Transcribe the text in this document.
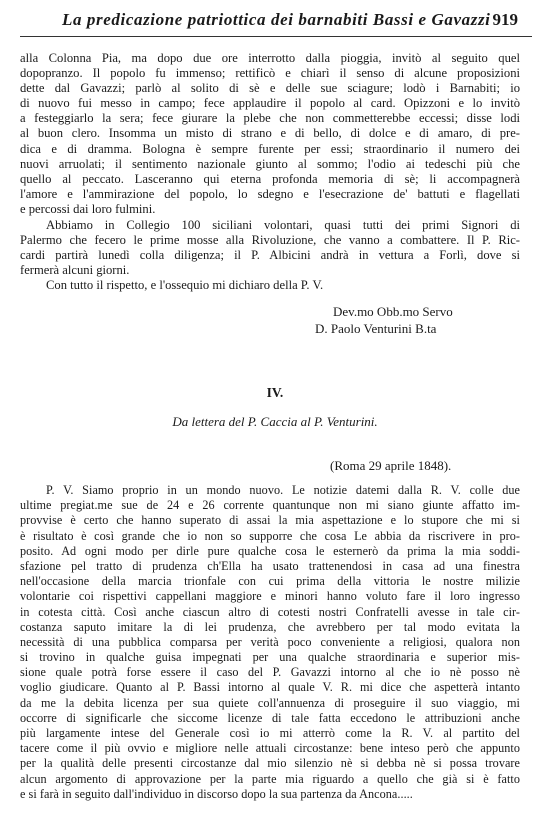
La predicazione patriottica dei barnabiti Bassi e Gavazzi 919
alla Colonna Pia, ma dopo due ore interrotto dalla pioggia, invitò al seguito quel
dopopranzo. Il popolo fu immenso; rettificò e chiarì il senso di alcune proposizioni
dette dal Gavazzi; parlò al solito di sè e delle sue sciagure; lodò i Barnabiti; io
di nuovo fui messo in campo; fece applaudire il popolo al card. Opizzoni e lo invitò
a festeggiarlo la sera; fece giurare la plebe che non commetterebbe eccessi; disse lodi
al buon clero. Insomma un misto di strano e di bello, di dolce e di amaro, di pre-
dica e di dramma. Bologna è sempre furente per essi; straordinario il numero dei
nuovi arruolati; il sentimento nazionale giunto al sommo; l'odio ai tedeschi più che
quello al peccato. Lasceranno qui eterna profonda memoria di sè; li accompagnerà
l'amore e l'ammirazione del popolo, lo sdegno e l'esecrazione de' battuti e flagellati
e percossi dai loro fulmini.
Abbiamo in Collegio 100 siciliani volontari, quasi tutti dei primi Signori di
Palermo che fecero le prime mosse alla Rivoluzione, che vanno a combattere. Il P. Ric-
cardi partirà lunedì colla diligenza; il P. Albicini andrà in vettura a Forlì, dove si
fermerà alcuni giorni.
Con tutto il rispetto, e l'ossequio mi dichiaro della P. V.
Dev.mo Obb.mo Servo
D. Paolo Venturini B.ta
IV.
Da lettera del P. Caccia al P. Venturini.
(Roma 29 aprile 1848).
P. V. Siamo proprio in un mondo nuovo. Le notizie datemi dalla R. V. colle due
ultime pregiat.me sue de 24 e 26 corrente quantunque non mi siano giunte affatto im-
provvise è certo che hanno superato di assai la mia aspettazione e lo stupore che mi si
è risultato è così grande che io non so supporre che cosa Le abbia da riscrivere in pro-
posito. Ad ogni modo per dirle pure qualche cosa le esternerò da prima la mia soddi-
sfazione pel tratto di prudenza ch'Ella ha usato trattenendosi in casa ad una finestra
nell'occasione della marcia trionfale con cui prima della vittoria le nostre milizie
volontarie coi rispettivi cappellani maggiore e minori hanno voluto fare il loro ingresso
in cotesta città. Così anche ciascun altro di cotesti nostri Confratelli avesse in tale cir-
costanza saputo imitare la di lei prudenza, che avrebbero per tal modo evitata la
necessità di una pubblica comparsa per verità poco conveniente a religiosi, qualora non
si trovino in qualche guisa impegnati per una qualche straordinaria e superior mis-
sione quale potrà forse essere il caso del P. Gavazzi intorno al che io nè posso nè
voglio giudicare. Quanto al P. Bassi intorno al quale V. R. mi dice che aspetterà intanto
da me la debita licenza per sua quiete coll'annuenza di proseguire il suo viaggio, mi
occorre di significarle che siccome licenze di tale fatta eccedono le attribuzioni anche
più largamente intese del Generale così io mi atterrò come la R. V. al partito del
tacere come il più ovvio e migliore nelle attuali circostanze: bene inteso però che appunto
per la qualità delle presenti circostanze dal mio silenzio nè si debba nè si possa trovare
alcun argomento di approvazione per la parte mia riguardo a quello che già si è fatto
e si farà in seguito dall'individuo in discorso dopo la sua partenza da Ancona.....
